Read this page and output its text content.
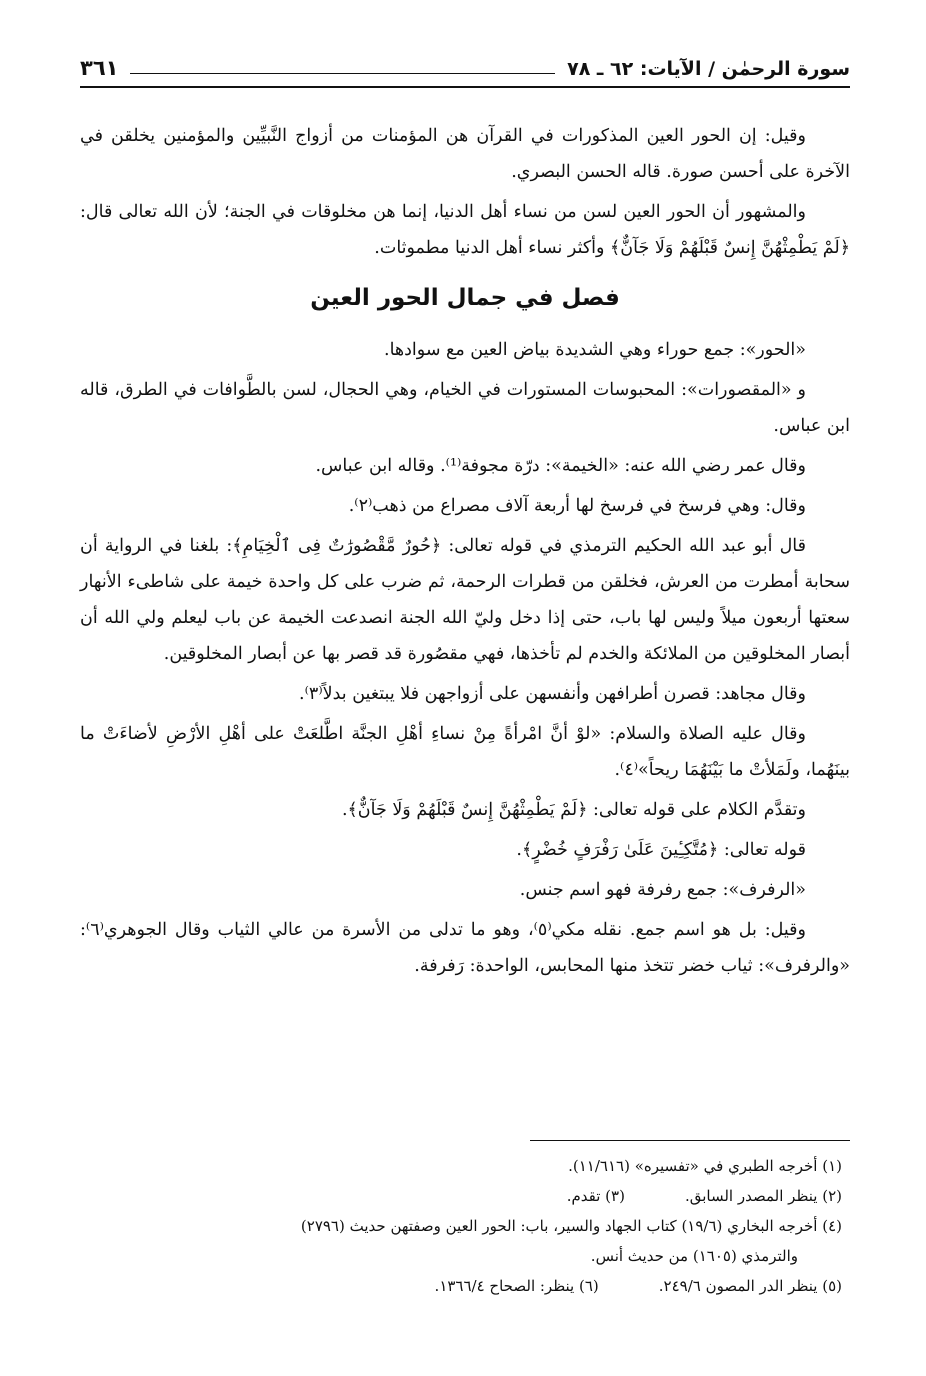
سورة الرحمٰن / الآيات: ٦٢ ـ ٧٨
٣٦١

وقيل: إن الحور العين المذكورات في القرآن هن المؤمنات من أزواج النَّبيِّين والمؤمنين يخلقن في الآخرة على أحسن صورة. قاله الحسن البصري.

والمشهور أن الحور العين لسن من نساء أهل الدنيا، إنما هن مخلوقات في الجنة؛ لأن الله تعالى قال: ﴿لَمْ يَطْمِثْهُنَّ إِنسٌ قَبْلَهُمْ وَلَا جَآنٌّ﴾ وأكثر نساء أهل الدنيا مطموثات.

فصل في جمال الحور العين

«الحور»: جمع حوراء وهي الشديدة بياض العين مع سوادها.

و «المقصورات»: المحبوسات المستورات في الخيام، وهي الحجال، لسن بالطَّوافات في الطرق، قاله ابن عباس.

وقال عمر رضي الله عنه: «الخيمة»: درّة مجوفة⁽¹⁾. وقاله ابن عباس.

وقال: وهي فرسخ في فرسخ لها أربعة آلاف مصراع من ذهب⁽٢⁾.

قال أبو عبد الله الحكيم الترمذي في قوله تعالى: ﴿حُورٌ مَّقْصُورَٰتٌ فِى ٱلْخِيَامِ﴾: بلغنا في الرواية أن سحابة أمطرت من العرش، فخلقن من قطرات الرحمة، ثم ضرب على كل واحدة خيمة على شاطىء الأنهار سعتها أربعون ميلاً وليس لها باب، حتى إذا دخل وليّ الله الجنة انصدعت الخيمة عن باب ليعلم ولي الله أن أبصار المخلوقين من الملائكة والخدم لم تأخذها، فهي مقصُورة قد قصر بها عن أبصار المخلوقين.

وقال مجاهد: قصرن أطرافهن وأنفسهن على أزواجهن فلا يبتغين بدلاً⁽٣⁾.

وقال عليه الصلاة والسلام: «لوْ أنَّ امْرأةً مِنْ نساءِ أهْلِ الجنَّة اطَّلعَتْ على أهْلِ الأرْضِ لأضاءَتْ ما بينَهُما، ولَمَلأتْ ما بَيْنَهُمَا ريحاً»⁽٤⁾.

وتقدَّم الكلام على قوله تعالى: ﴿لَمْ يَطْمِثْهُنَّ إِنسٌ قَبْلَهُمْ وَلَا جَآنٌّ﴾.

قوله تعالى: ﴿مُتَّكِـِٔينَ عَلَىٰ رَفْرَفٍ خُضْرٍ﴾.

«الرفرف»: جمع رفرفة فهو اسم جنس.

وقيل: بل هو اسم جمع. نقله مكي⁽٥⁾، وهو ما تدلى من الأسرة من عالي الثياب وقال الجوهري⁽٦⁾: «والرفرف»: ثياب خضر تتخذ منها المحابس، الواحدة: رَفرفة.

(١) أخرجه الطبري في «تفسيره» (١١/٦١٦).
(٢) ينظر المصدر السابق.
(٣) تقدم.
(٤) أخرجه البخاري (١٩/٦) كتاب الجهاد والسير، باب: الحور العين وصفتهن حديث (٢٧٩٦)
والترمذي (١٦٠٥) من حديث أنس.
(٥) ينظر الدر المصون ٢٤٩/٦.
(٦) ينظر: الصحاح ١٣٦٦/٤.
